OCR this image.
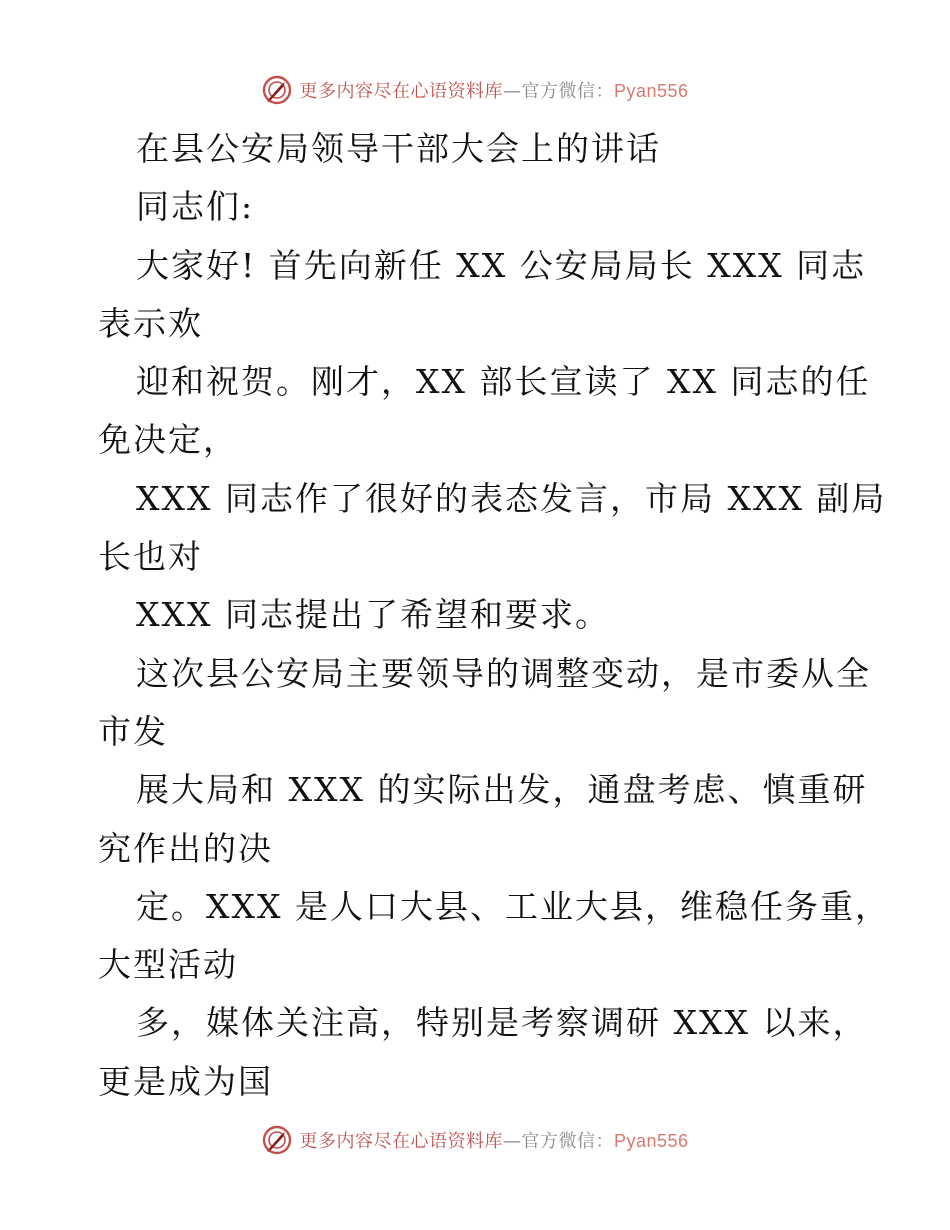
更多内容尽在心语资料库—官方微信：Pyan556
在县公安局领导干部大会上的讲话
同志们:
大家好! 首先向新任 XX 公安局局长 XXX 同志
表示欢
迎和祝贺。刚才，XX 部长宣读了 XX 同志的任
免决定，
XXX 同志作了很好的表态发言，市局 XXX 副局
长也对
XXX 同志提出了希望和要求。
这次县公安局主要领导的调整变动，是市委从全
市发
展大局和 XXX 的实际出发，通盘考虑、慎重研
究作出的决
定。XXX 是人口大县、工业大县，维稳任务重，
大型活动
多，媒体关注高，特别是考察调研 XXX 以来，
更是成为国
更多内容尽在心语资料库—官方微信：Pyan556
